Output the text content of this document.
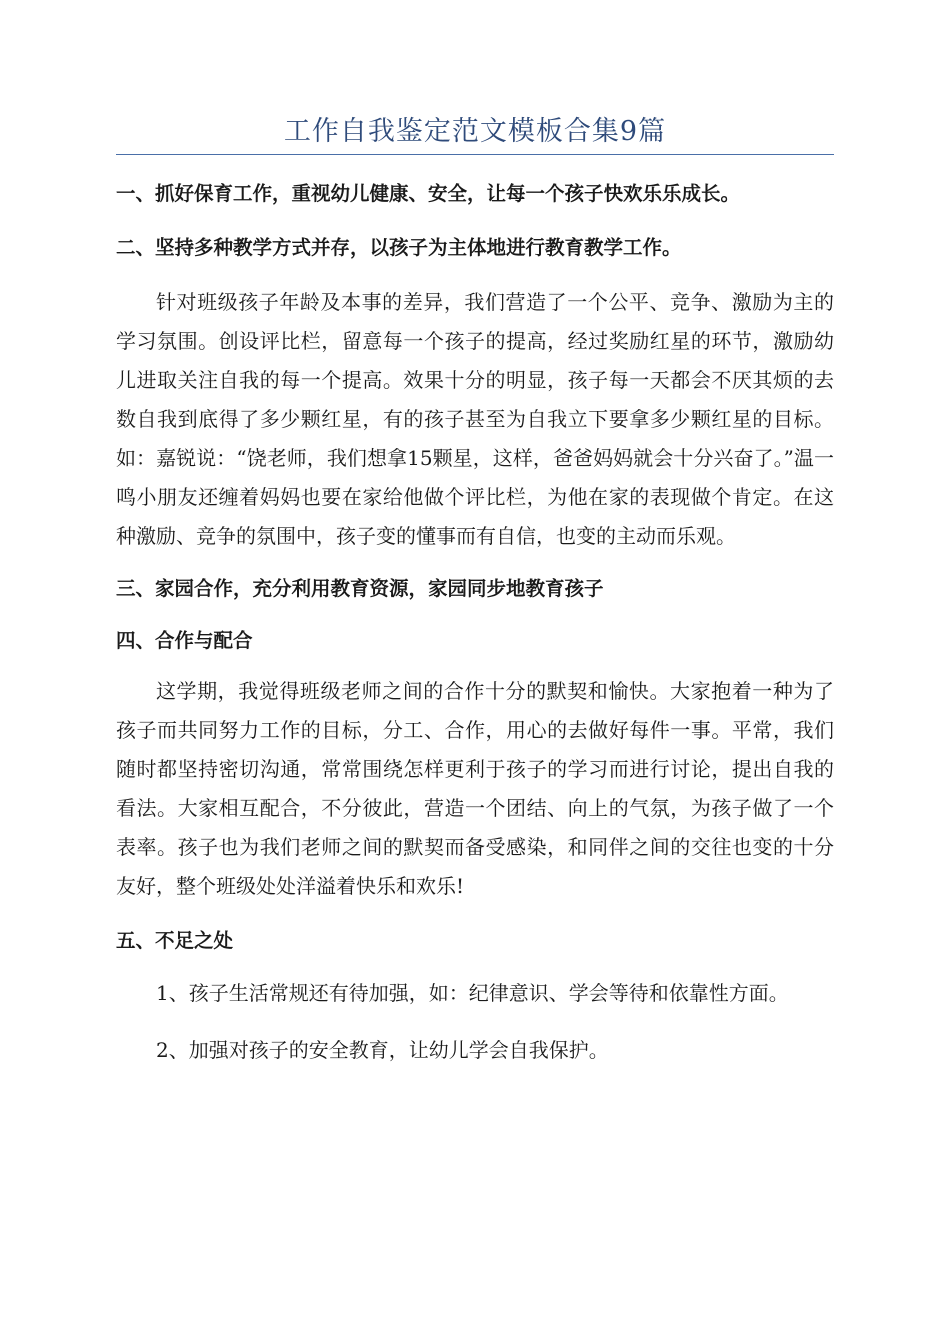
工作自我鉴定范文模板合集9篇

一、抓好保育工作，重视幼儿健康、安全，让每一个孩子快欢乐乐成长。

二、坚持多种教学方式并存，以孩子为主体地进行教育教学工作。

针对班级孩子年龄及本事的差异，我们营造了一个公平、竞争、激励为主的学习氛围。创设评比栏，留意每一个孩子的提高，经过奖励红星的环节，激励幼儿进取关注自我的每一个提高。效果十分的明显，孩子每一天都会不厌其烦的去数自我到底得了多少颗红星，有的孩子甚至为自我立下要拿多少颗红星的目标。如：嘉锐说：“饶老师，我们想拿15颗星，这样，爸爸妈妈就会十分兴奋了。”温一鸣小朋友还缠着妈妈也要在家给他做个评比栏，为他在家的表现做个肯定。在这种激励、竞争的氛围中，孩子变的懂事而有自信，也变的主动而乐观。

三、家园合作，充分利用教育资源，家园同步地教育孩子

四、合作与配合

这学期，我觉得班级老师之间的合作十分的默契和愉快。大家抱着一种为了孩子而共同努力工作的目标，分工、合作，用心的去做好每件一事。平常，我们随时都坚持密切沟通，常常围绕怎样更利于孩子的学习而进行讨论，提出自我的看法。大家相互配合，不分彼此，营造一个团结、向上的气氛，为孩子做了一个表率。孩子也为我们老师之间的默契而备受感染，和同伴之间的交往也变的十分友好，整个班级处处洋溢着快乐和欢乐!

五、不足之处

1、孩子生活常规还有待加强，如：纪律意识、学会等待和依靠性方面。

2、加强对孩子的安全教育，让幼儿学会自我保护。
